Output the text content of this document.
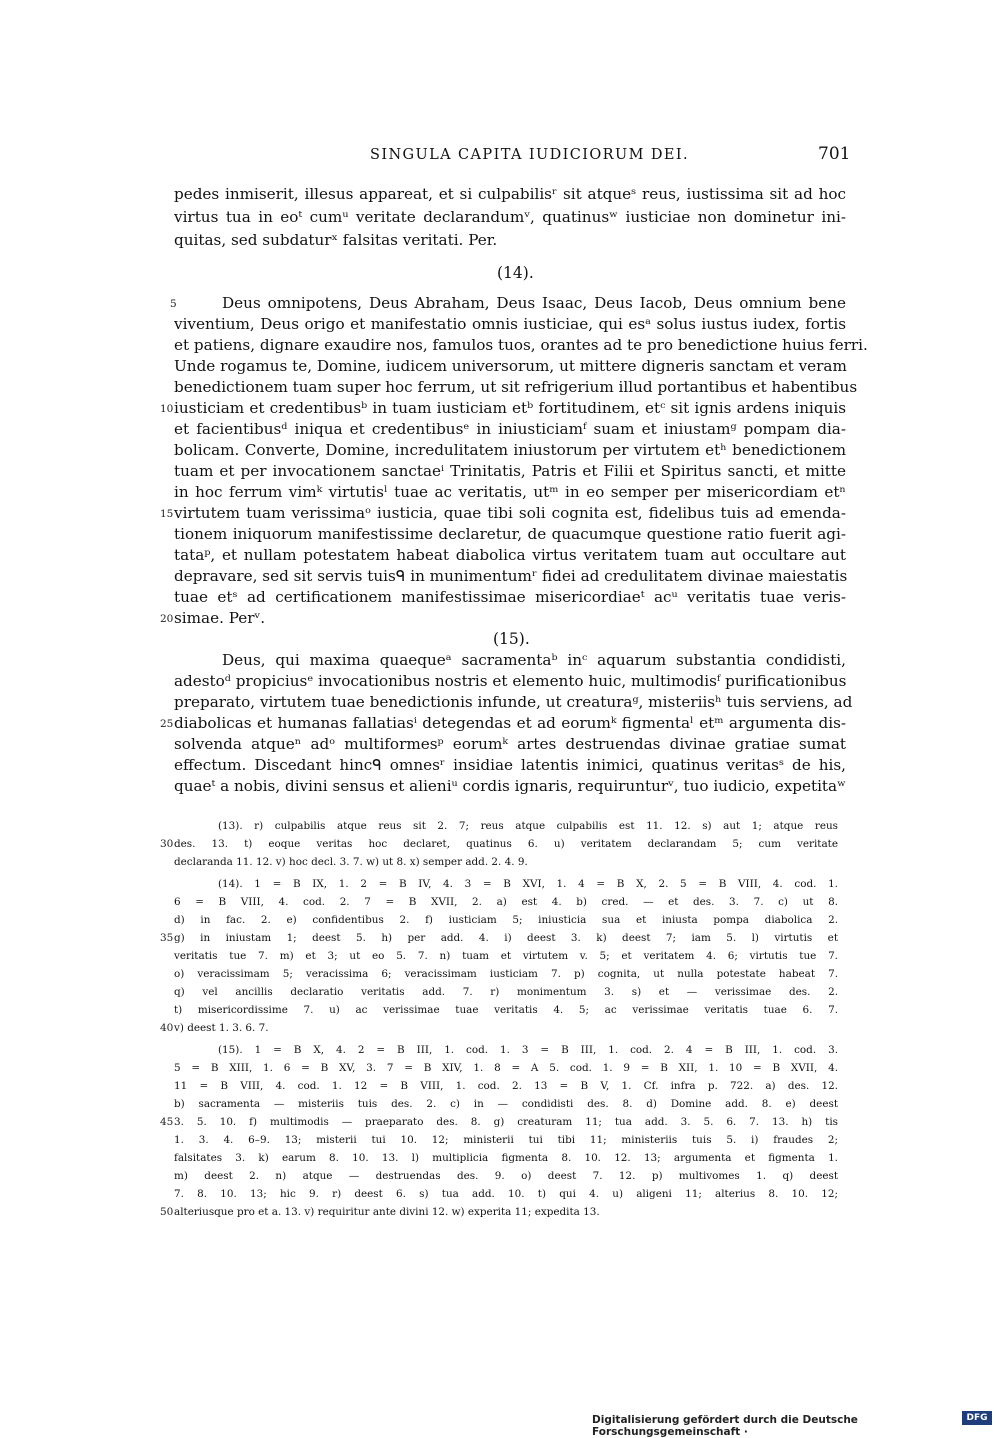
SINGULA CAPITA IUDICIORUM DEI.	701
pedes inmiserit, illesus appareat, et si culpabilisʳ sit atqueˢ reus, iustissima sit ad hoc
virtus tua in eoᵗ cumᵘ veritate declarandumᵛ, quatinusʷ iusticiae non dominetur ini-
quitas, sed subdaturˣ falsitas veritati. Per.
(14).
Deus omnipotens, Deus Abraham, Deus Isaac, Deus Iacob, Deus omnium bene
viventium, Deus origo et manifestatio omnis iusticiae, qui esᵃ solus iustus iudex, fortis
et patiens, dignare exaudire nos, famulos tuos, orantes ad te pro benedictione huius ferri.
Unde rogamus te, Domine, iudicem universorum, ut mittere digneris sanctam et veram
benedictionem tuam super hoc ferrum, ut sit refrigerium illud portantibus et habentibus
iusticiam et credentibusᵇ in tuam iusticiam etᵇ fortitudinem, etᶜ sit ignis ardens iniquis
et facientibusᵈ iniqua et credentibusᵉ in iniusticiamᶠ suam et iniustamᵍ pompam dia-
bolicam. Converte, Domine, incredulitatem iniustorum per virtutem etʰ benedictionem
tuam et per invocationem sanctaeⁱ Trinitatis, Patris et Filii et Spiritus sancti, et mitte
in hoc ferrum vimᵏ virtutisˡ tuae ac veritatis, utᵐ in eo semper per misericordiam etⁿ
virtutem tuam verissimaᵒ iusticia, quae tibi soli cognita est, fidelibus tuis ad emenda-
tionem iniquorum manifestissime declaretur, de quacumque questione ratio fuerit agi-
tataᵖ, et nullam potestatem habeat diabolica virtus veritatem tuam aut occultare aut
depravare, sed sit servis tuisᑫ in munimentumʳ fidei ad credulitatem divinae maiestatis
tuae etˢ ad certificationem manifestissimae misericordiaeᵗ acᵘ veritatis tuae veris-
simae. Perᵛ.
(15).
Deus, qui maxima quaequeᵃ sacramentaᵇ inᶜ aquarum substantia condidisti,
adestoᵈ propiciusᵉ invocationibus nostris et elemento huic, multimodisᶠ purificationibus
preparato, virtutem tuae benedictionis infunde, ut creaturaᵍ, misteriisʰ tuis serviens, ad
diabolicas et humanas fallatiasⁱ detegendas et ad eorumᵏ figmentaˡ etᵐ argumenta dis-
solvenda atqueⁿ adᵒ multiformesᵖ eorumᵏ artes destruendas divinae gratiae sumat
effectum. Discedant hincᑫ omnesʳ insidiae latentis inimici, quatinus veritasˢ de his,
quaeᵗ a nobis, divini sensus et alieniᵘ cordis ignaris, requirunturᵛ, tuo iudicio, expetitaʷ
5
10
15
20
25
(13). r) culpabilis atque reus sit 2. 7; reus atque culpabilis est 11. 12. s) aut 1; atque reus
des. 13. t) eoque veritas hoc declaret, quatinus 6. u) veritatem declarandam 5; cum veritate
declaranda 11. 12. v) hoc decl. 3. 7. w) ut 8. x) semper add. 2. 4. 9.
(14). 1 = B IX, 1. 2 = B IV, 4. 3 = B XVI, 1. 4 = B X, 2. 5 = B VIII, 4. cod. 1.
6 = B VIII, 4. cod. 2. 7 = B XVII, 2. a) est 4. b) cred. — et des. 3. 7. c) ut 8.
d) in fac. 2. e) confidentibus 2. f) iusticiam 5; iniusticia sua et iniusta pompa diabolica 2.
g) in iniustam 1; deest 5. h) per add. 4. i) deest 3. k) deest 7; iam 5. l) virtutis et
veritatis tue 7. m) et 3; ut eo 5. 7. n) tuam et virtutem v. 5; et veritatem 4. 6; virtutis tue 7.
o) veracissimam 5; veracissima 6; veracissimam iusticiam 7. p) cognita, ut nulla potestate habeat 7.
q) vel ancillis declaratio veritatis add. 7. r) monimentum 3. s) et — verissimae des. 2.
t) misericordissime 7. u) ac verissimae tuae veritatis 4. 5; ac verissimae veritatis tuae 6. 7.
v) deest 1. 3. 6. 7.
(15). 1 = B X, 4. 2 = B III, 1. cod. 1. 3 = B III, 1. cod. 2. 4 = B III, 1. cod. 3.
5 = B XIII, 1. 6 = B XV, 3. 7 = B XIV, 1. 8 = A 5. cod. 1. 9 = B XII, 1. 10 = B XVII, 4.
11 = B VIII, 4. cod. 1. 12 = B VIII, 1. cod. 2. 13 = B V, 1. Cf. infra p. 722. a) des. 12.
b) sacramenta — misteriis tuis des. 2. c) in — condidisti des. 8. d) Domine add. 8. e) deest
3. 5. 10. f) multimodis — praeparato des. 8. g) creaturam 11; tua add. 3. 5. 6. 7. 13. h) tis
1. 3. 4. 6–9. 13; misterii tui 10. 12; ministerii tui tibi 11; ministeriis tuis 5. i) fraudes 2;
falsitates 3. k) earum 8. 10. 13. l) multiplicia figmenta 8. 10. 12. 13; argumenta et figmenta 1.
m) deest 2. n) atque — destruendas des. 9. o) deest 7. 12. p) multivomes 1. q) deest
7. 8. 10. 13; hic 9. r) deest 6. s) tua add. 10. t) qui 4. u) aligeni 11; alterius 8. 10. 12;
alteriusque pro et a. 13. v) requiritur ante divini 12. w) experita 11; expedita 13.
30
35
40
45
50
Digitalisierung gefördert durch die Deutsche Forschungsgemeinschaft ·
DFG
